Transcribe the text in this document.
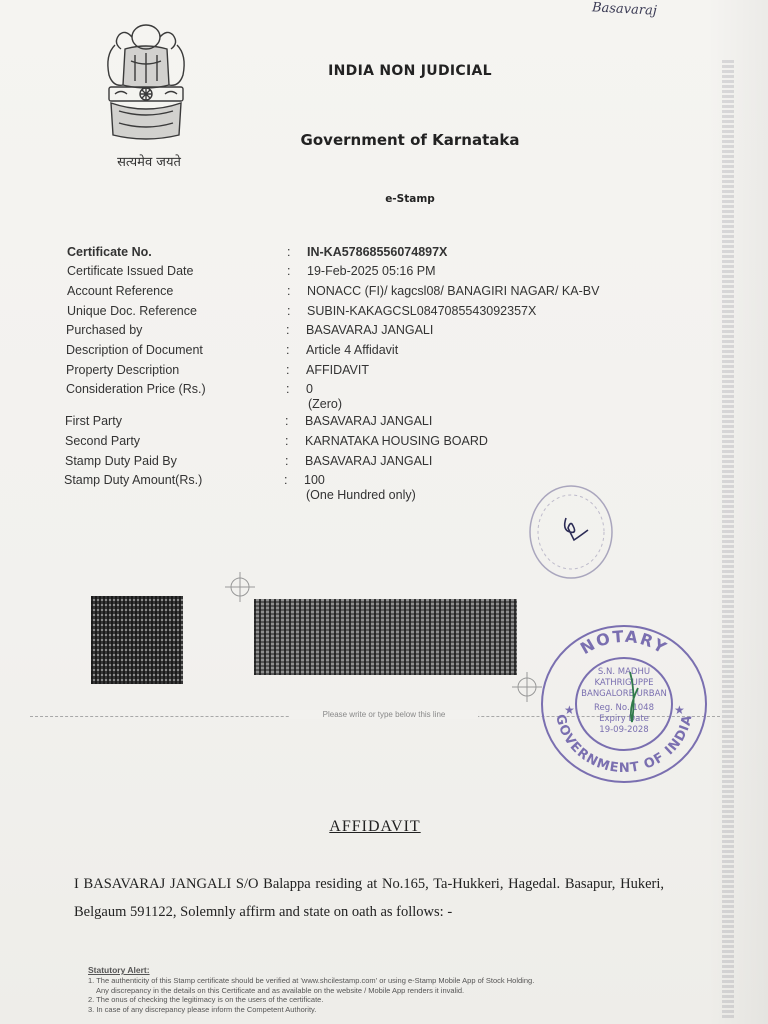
Basavaraj
सत्यमेव जयते
INDIA NON JUDICIAL
Government of Karnataka
e-Stamp
Certificate No.	: IN-KA57868556074897X
Certificate Issued Date	: 19-Feb-2025 05:16 PM
Account Reference	: NONACC (FI)/ kagcsl08/ BANAGIRI NAGAR/ KA-BV
Unique Doc. Reference	: SUBIN-KAKAGCSL0847085543092357X
Purchased by	: BASAVARAJ JANGALI
Description of Document	: Article 4 Affidavit
Property Description	: AFFIDAVIT
Consideration Price (Rs.)	: 0
(Zero)
First Party	: BASAVARAJ JANGALI
Second Party	: KARNATAKA HOUSING BOARD
Stamp Duty Paid By	: BASAVARAJ JANGALI
Stamp Duty Amount(Rs.)	: 100
(One Hundred only)
Please write or type below this line
NOTARY
GOVERNMENT OF INDIA
S.N. MADHU
KATHRIGUPPE
BANGALORE URBAN
Reg. No. 1048
Expiry Date
19-09-2028
★	★
AFFIDAVIT
I BASAVARAJ JANGALI S/O Balappa residing at No.165, Ta-Hukkeri, Hagedal. Basapur, Hukeri, Belgaum 591122, Solemnly affirm and state on oath as follows: -
Statutory Alert:
1. The authenticity of this Stamp certificate should be verified at 'www.shcilestamp.com' or using e-Stamp Mobile App of Stock Holding.
Any discrepancy in the details on this Certificate and as available on the website / Mobile App renders it invalid.
2. The onus of checking the legitimacy is on the users of the certificate.
3. In case of any discrepancy please inform the Competent Authority.
